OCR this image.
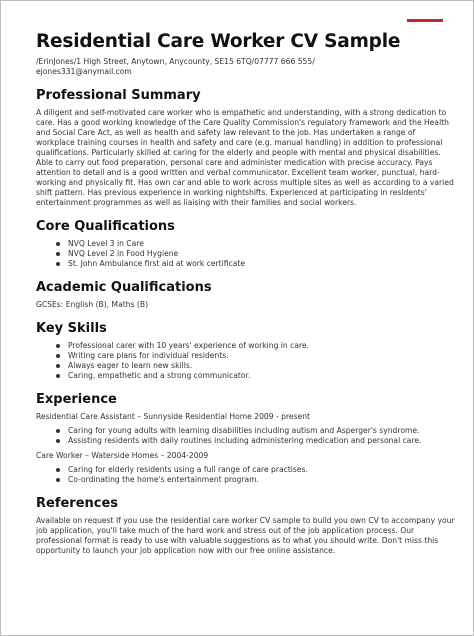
Residential Care Worker CV Sample
/ErinJones/1 High Street, Anytown, Anycounty, SE15 6TQ/07777 666 555/
ejones331@anymail.com
Professional Summary

A diligent and self-motivated care worker who is empathetic and understanding, with a strong dedication to care. Has a good working knowledge of the Care Quality Commission's regulatory framework and the Health and Social Care Act, as well as health and safety law relevant to the job. Has undertaken a range of workplace training courses in health and safety and care (e.g. manual handling) in addition to professional qualifications. Particularly skilled at caring for the elderly and people with mental and physical disabilities. Able to carry out food preparation, personal care and administer medication with precise accuracy. Pays attention to detail and is a good written and verbal communicator. Excellent team worker, punctual, hard-working and physically fit. Has own car and able to work across multiple sites as well as according to a varied shift pattern. Has previous experience in working nightshifts. Experienced at participating in residents' entertainment programmes as well as liaising with their families and social workers.

Core Qualifications
NVQ Level 3 in Care
NVQ Level 2 in Food Hygiene
St. John Ambulance first aid at work certificate
Academic Qualifications

GCSEs: English (B), Maths (B)

Key Skills
Professional carer with 10 years' experience of working in care.
Writing care plans for individual residents.
Always eager to learn new skills.
Caring, empathetic and a strong communicator.
Experience
Residential Care Assistant – Sunnyside Residential Home 2009 - present
Caring for young adults with learning disabilities including autism and Asperger's syndrome.
Assisting residents with daily routines including administering medication and personal care.
Care Worker – Waterside Homes – 2004-2009
Caring for elderly residents using a full range of care practises.
Co-ordinating the home's entertainment program.
References

Available on request If you use the residential care worker CV sample to build you own CV to accompany your job application, you'll take much of the hard work and stress out of the job application process. Our professional format is ready to use with valuable suggestions as to what you should write. Don't miss this opportunity to launch your job application now with our free online assistance.
